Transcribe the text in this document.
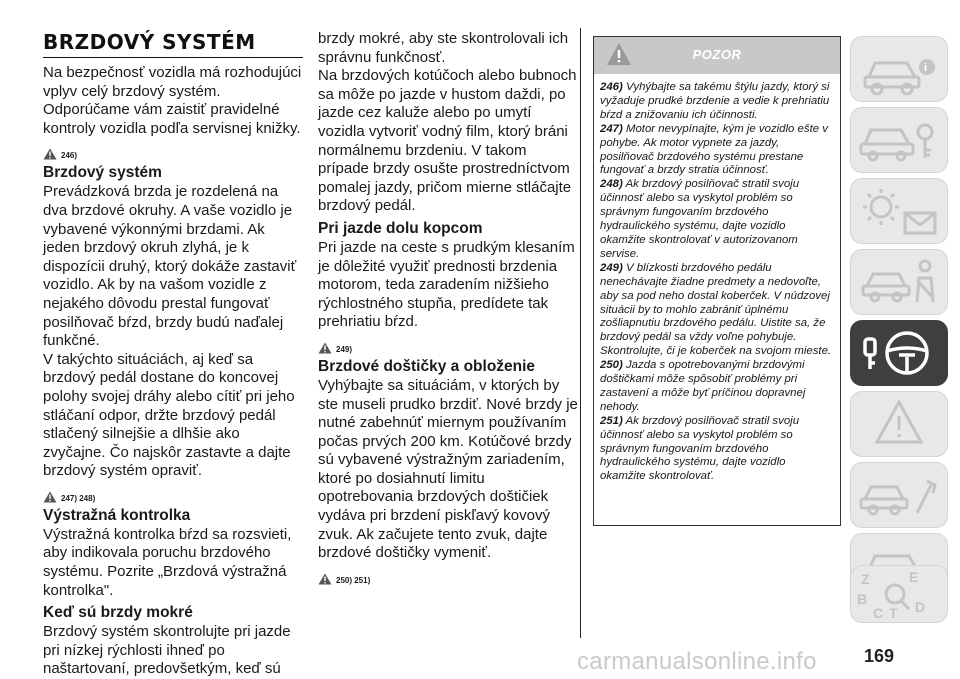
BRZDOVÝ SYSTÉM

Na bezpečnosť vozidla má rozhodujúci vplyv celý brzdový systém. Odporúčame vám zaistiť pravidelné kontroly vozidla podľa servisnej knižky.

246)
Brzdový systém

Prevádzková brzda je rozdelená na dva brzdové okruhy. A vaše vozidlo je vybavené výkonnými brzdami. Ak jeden brzdový okruh zlyhá, je k dispozícii druhý, ktorý dokáže zastaviť vozidlo. Ak by na vašom vozidle z nejakého dôvodu prestal fungovať posilňovač bŕzd, brzdy budú naďalej funkčné.

V takýchto situáciách, aj keď sa brzdový pedál dostane do koncovej polohy svojej dráhy alebo cítiť pri jeho stláčaní odpor, držte brzdový pedál stlačený silnejšie a dlhšie ako zvyčajne. Čo najskôr zastavte a dajte brzdový systém opraviť.

247) 248)
Výstražná kontrolka

Výstražná kontrolka bŕzd sa rozsvieti, aby indikovala poruchu brzdového systému. Pozrite „Brzdová výstražná kontrolka".

Keď sú brzdy mokré

Brzdový systém skontrolujte pri jazde pri nízkej rýchlosti ihneď po naštartovaní, predovšetkým, keď sú

brzdy mokré, aby ste skontrolovali ich správnu funkčnosť.

Na brzdových kotúčoch alebo bubnoch sa môže po jazde v hustom daždi, po jazde cez kaluže alebo po umytí vozidla vytvoriť vodný film, ktorý bráni normálnemu brzdeniu. V takom prípade brzdy osušte prostredníctvom pomalej jazdy, pričom mierne stláčajte brzdový pedál.

Pri jazde dolu kopcom

Pri jazde na ceste s prudkým klesaním je dôležité využiť prednosti brzdenia motorom, teda zaradením nižšieho rýchlostného stupňa, predídete tak prehriatiu bŕzd.

249)
Brzdové doštičky a obloženie

Vyhýbajte sa situáciám, v ktorých by ste museli prudko brzdiť. Nové brzdy je nutné zabehnúť miernym používaním počas prvých 200 km. Kotúčové brzdy sú vybavené výstražným zariadením, ktoré po dosiahnutí limitu opotrebovania brzdových doštičiek vydáva pri brzdení piskľavý kovový zvuk. Ak začujete tento zvuk, dajte brzdové doštičky vymeniť.

250) 251)
POZOR

246) Vyhýbajte sa takému štýlu jazdy, ktorý si vyžaduje prudké brzdenie a vedie k prehriatiu bŕzd a znižovaniu ich účinnosti.

247) Motor nevypínajte, kým je vozidlo ešte v pohybe. Ak motor vypnete za jazdy, posilňovač brzdového systému prestane fungovať a brzdy stratia účinnosť.

248) Ak brzdový posilňovač stratil svoju účinnosť alebo sa vyskytol problém so správnym fungovaním brzdového hydraulického systému, dajte vozidlo okamžite skontrolovať v autorizovanom servise.

249) V blízkosti brzdového pedálu nenechávajte žiadne predmety a nedovoľte, aby sa pod neho dostal koberček. V núdzovej situácii by to mohlo zabrániť úplnému zošliapnutiu brzdového pedálu. Uistite sa, že brzdový pedál sa vždy voľne pohybuje. Skontrolujte, či je koberček na svojom mieste.

250) Jazda s opotrebovanými brzdovými doštičkami môže spôsobiť problémy pri zastavení a môže byť príčinou dopravnej nehody.

251) Ak brzdový posilňovač stratil svoju účinnosť alebo sa vyskytol problém so správnym fungovaním brzdového hydraulického systému, dajte vozidlo okamžite skontrolovať.

i
Z	E
B
C T D
169
carmanualsonline.info
